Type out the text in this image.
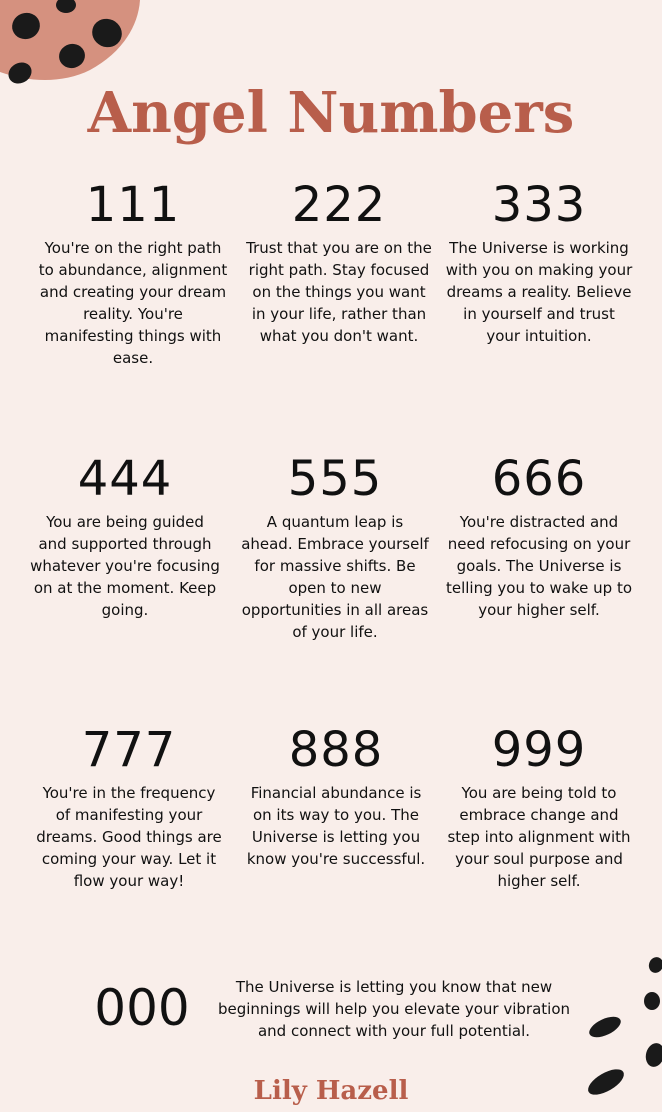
Angel Numbers
111
You're on the right path to abundance, alignment and creating your dream reality. You're manifesting things with ease.
222
Trust that you are on the right path. Stay focused on the things you want in your life, rather than what you don't want.
333
The Universe is working with you on making your dreams a reality. Believe in yourself and trust your intuition.
444
You are being guided and supported through whatever you're focusing on at the moment. Keep going.
555
A quantum leap is ahead. Embrace yourself for massive shifts. Be open to new opportunities in all areas of your life.
666
You're distracted and need refocusing on your goals. The Universe is telling you to wake up to your higher self.
777
You're in the frequency of manifesting your dreams. Good things are coming your way. Let it flow your way!
888
Financial abundance is on its way to you. The Universe is letting you know you're successful.
999
You are being told to embrace change and step into alignment with your soul purpose and higher self.
000	The Universe is letting you know that new beginnings will help you elevate your vibration and connect with your full potential.
Lily Hazell
